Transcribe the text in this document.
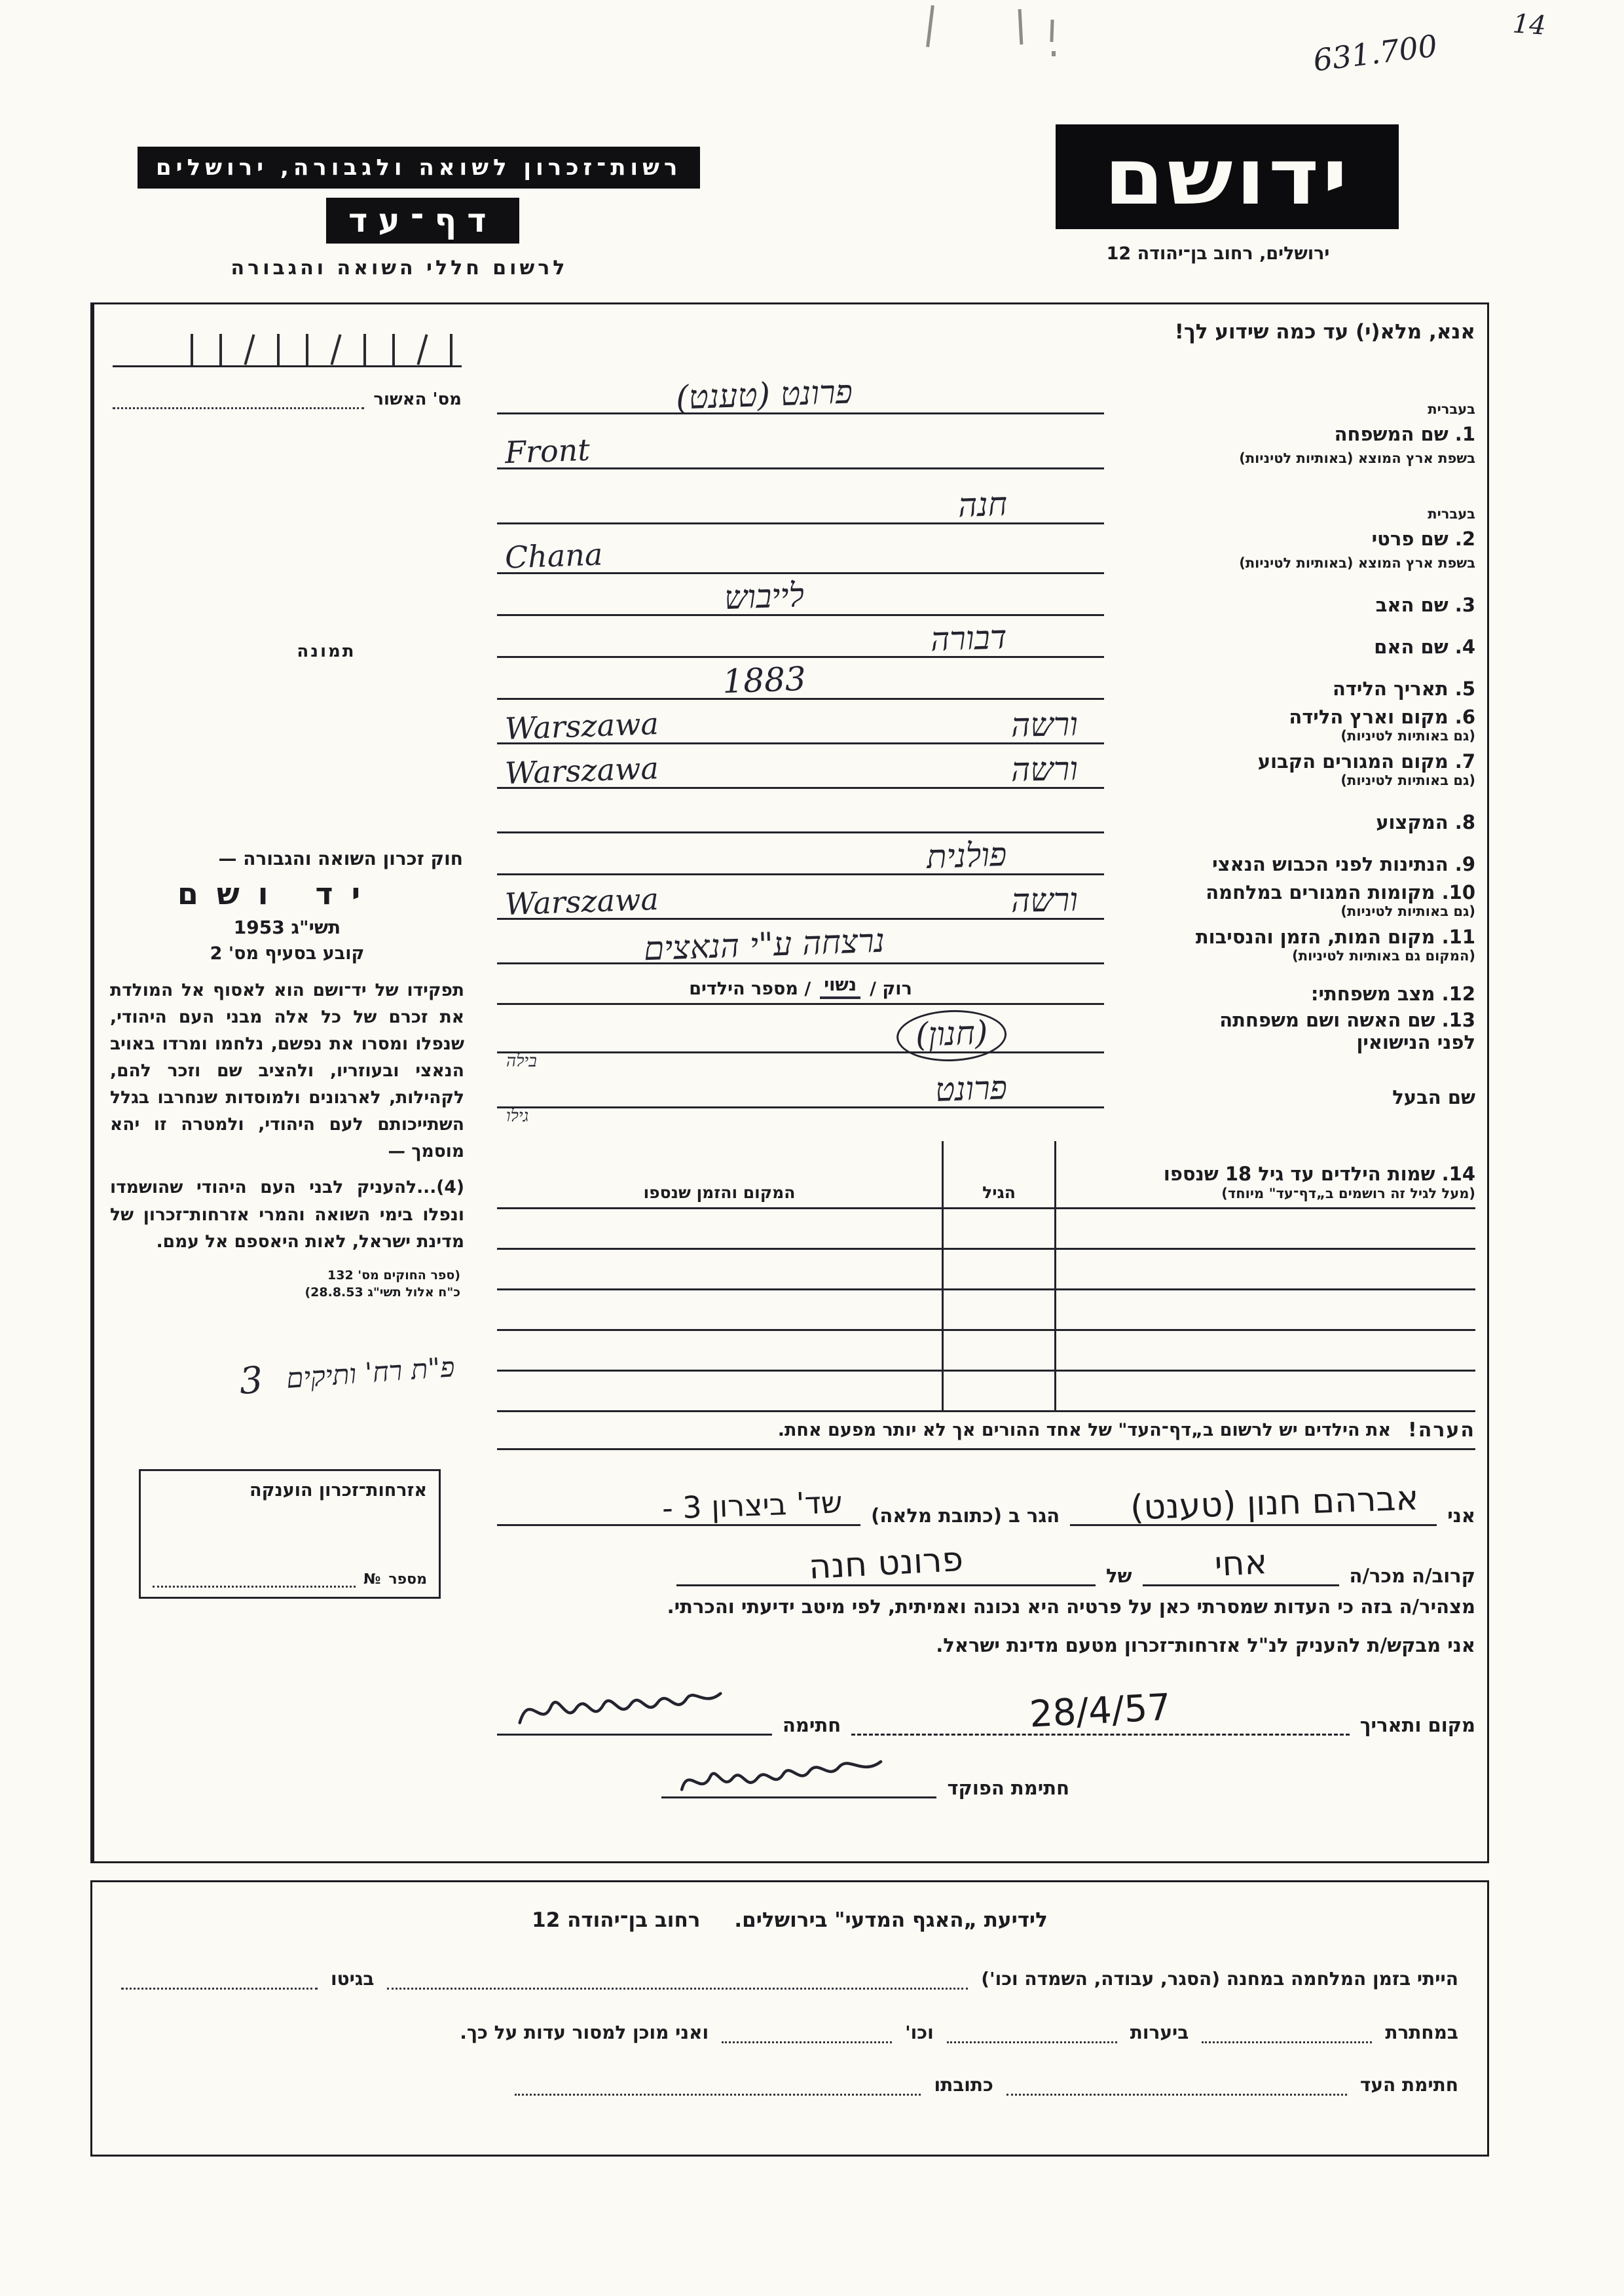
631.700
14
רשות־זכרון לשואה ולגבורה, ירושלים
דף־עד
לרשום חללי השואה והגבורה
ידושם
ירושלים, רחוב בן־יהודה 12
אנא, מלא(י) עד כמה שידוע לך!
בעברית
1. שם המשפחה
בשפת ארץ המוצא (באותיות לטיניות)
פרונט (טענט)
Front
בעברית
2. שם פרטי
בשפת ארץ המוצא (באותיות לטיניות)
חנה
Chana
3. שם האב
לייבוש
4. שם האם
דבורה
5. תאריך הלידה
1883
6. מקום וארץ הלידה
(גם באותיות לטיניות)
Warszawa	ורשה
7. מקום המגורים הקבוע
(גם באותיות לטיניות)
Warszawa	ורשה
8. המקצוע
9. הנתינות לפני הכבוש הנאצי
פולנית
10. מקומות המגורים במלחמה
(גם באותיות לטיניות)
Warszawa	ורשה
11. מקום המות, הזמן והנסיבות
(המקום גם באותיות לטיניות)
נרצחה ע"י הנאצים
12. מצב משפחתי:
רוק /
נשוי
/ מספר הילדים
13. שם האשה ושם משפחתה
לפני הנישואין
(חנון)
בילה
שם הבעל
פרונט
גילו
14. שמות הילדים עד גיל 18 שנספו
(מעל לגיל זה רושמים ב„דף־עד" מיוחד)
הגיל
המקום והזמן שנספו
הערה!
את הילדים יש לרשום ב„דף־העד" של אחד ההורים אך לא יותר מפעם אחת.
אני
אברהם חנון (טענט)
הגר ב (כתובת מלאה)
שד' ביצרון 3 -
קרוב/ה מכר/ה
אחי
של
פרונט חנה
מצהיר/ה בזה כי העדות שמסרתי כאן על פרטיה היא נכונה ואמיתית, לפי מיטב ידיעתי והכרתי.
אני מבקש/ת להעניק לנ"ל אזרחות־זכרון מטעם מדינת ישראל.
מקום ותאריך
28/4/57
חתימה
חתימת הפוקד
מס' האשור
תמונה
חוק זכרון השואה והגבורה —
יד ושם
תשי"ג 1953
קובע בסעיף מס' 2

תפקידו של יד־ושם הוא לאסוף אל המולדת את זכרם של כל אלה מבני העם היהודי, שנפלו ומסרו את נפשם, נלחמו ומרדו באויב הנאצי ובעוזריו, ולהציב שם וזכר להם, לקהילות, לארגונים ולמוסדות שנחרבו בגלל השתייכותם לעם היהודי, ולמטרה זו יהא מוסמך —

(4)...להעניק לבני העם היהודי שהושמדו ונפלו בימי השואה והמרי אזרחות־זכרון של מדינת ישראל, לאות היאספם אל עמם.

(ספר החוקים מס' 132
כ"ח אלול תשי"ג 28.8.53)
פ"ת רח' ותיקים
3
אזרחות־זכרון הוענקה
מספר
№
לידיעת „האגף המדעי" בירושלים.
רחוב בן־יהודה 12
הייתי בזמן המלחמה במחנה (הסגר, עבודה, השמדה וכו')
בגיטו
במחתרת
ביערות
וכו'
ואני מוכן למסור עדות על כך.
חתימת העד
כתובתו
